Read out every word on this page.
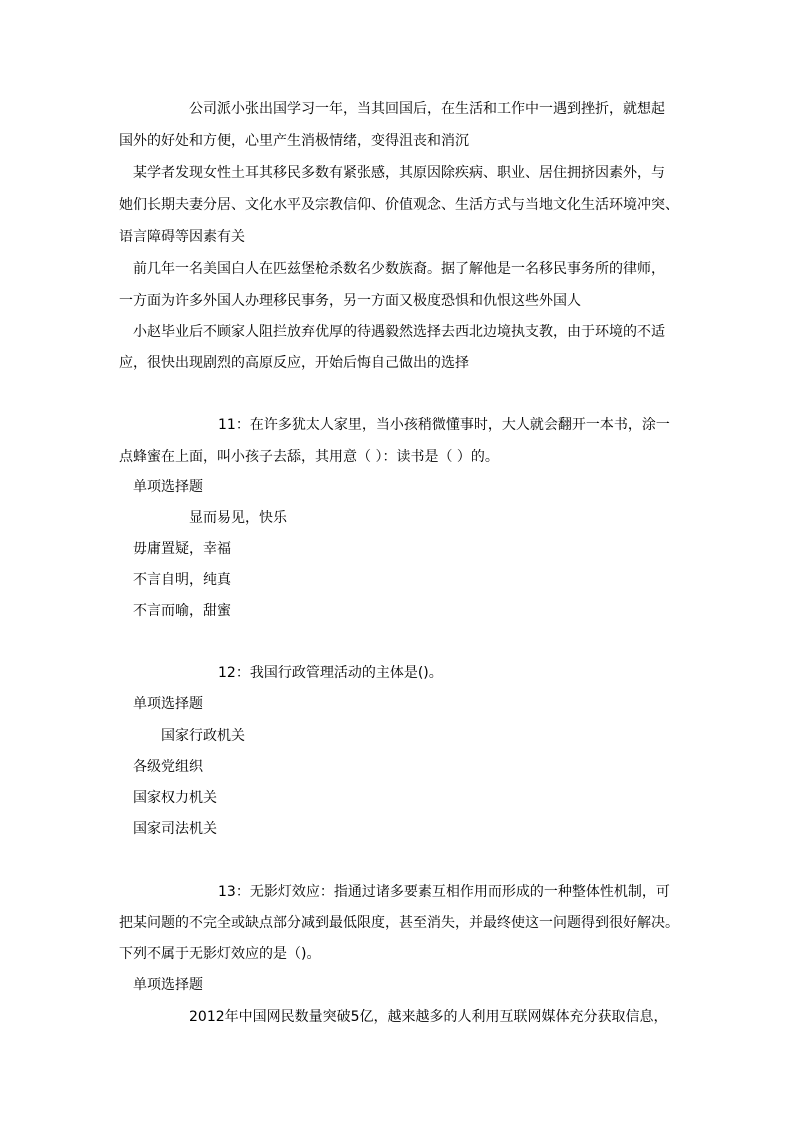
公司派小张出国学习一年，当其回国后，在生活和工作中一遇到挫折，就想起
国外的好处和方便，心里产生消极情绪，变得沮丧和消沉
某学者发现女性土耳其移民多数有紧张感，其原因除疾病、职业、居住拥挤因素外，与
她们长期夫妻分居、文化水平及宗教信仰、价值观念、生活方式与当地文化生活环境冲突、
语言障碍等因素有关
前几年一名美国白人在匹兹堡枪杀数名少数族裔。据了解他是一名移民事务所的律师，
一方面为许多外国人办理移民事务，另一方面又极度恐惧和仇恨这些外国人
小赵毕业后不顾家人阻拦放弃优厚的待遇毅然选择去西北边境执支教，由于环境的不适
应，很快出现剧烈的高原反应，开始后悔自己做出的选择
11：在许多犹太人家里，当小孩稍微懂事时，大人就会翻开一本书，涂一
点蜂蜜在上面，叫小孩子去舔，其用意（ ）：读书是（ ）的。
单项选择题
显而易见，快乐
毋庸置疑，幸福
不言自明，纯真
不言而喻，甜蜜
12：我国行政管理活动的主体是()。
单项选择题
国家行政机关
各级党组织
国家权力机关
国家司法机关
13：无影灯效应：指通过诸多要素互相作用而形成的一种整体性机制，可
把某问题的不完全或缺点部分减到最低限度，甚至消失，并最终使这一问题得到很好解决。
下列不属于无影灯效应的是（)。
单项选择题
2012年中国网民数量突破5亿，越来越多的人利用互联网媒体充分获取信息，
